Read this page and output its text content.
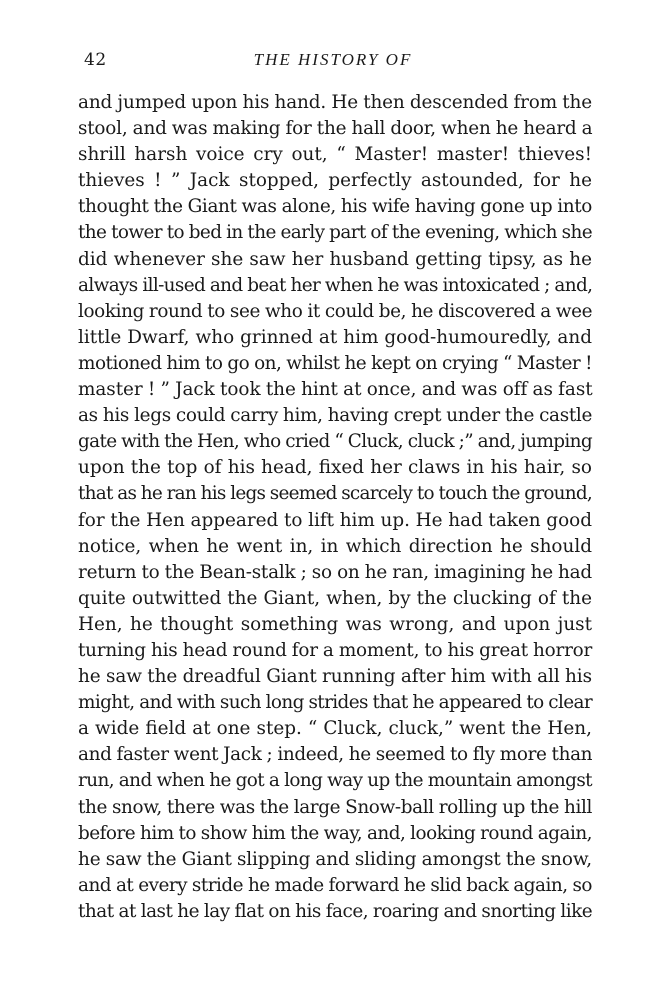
42	THE HISTORY OF
and jumped upon his hand. He then descended from the
stool, and was making for the hall door, when he heard a
shrill harsh voice cry out, “ Master! master! thieves!
thieves ! ” Jack stopped, perfectly astounded, for he
thought the Giant was alone, his wife having gone up into
the tower to bed in the early part of the evening, which she
did whenever she saw her husband getting tipsy, as he
always ill-used and beat her when he was intoxicated ; and,
looking round to see who it could be, he discovered a wee
little Dwarf, who grinned at him good-humouredly, and
motioned him to go on, whilst he kept on crying “ Master !
master ! ” Jack took the hint at once, and was off as fast
as his legs could carry him, having crept under the castle
gate with the Hen, who cried “ Cluck, cluck ;” and, jumping
upon the top of his head, fixed her claws in his hair, so
that as he ran his legs seemed scarcely to touch the ground,
for the Hen appeared to lift him up. He had taken good
notice, when he went in, in which direction he should
return to the Bean-stalk ; so on he ran, imagining he had
quite outwitted the Giant, when, by the clucking of the
Hen, he thought something was wrong, and upon just
turning his head round for a moment, to his great horror
he saw the dreadful Giant running after him with all his
might, and with such long strides that he appeared to clear
a wide field at one step. “ Cluck, cluck,” went the Hen,
and faster went Jack ; indeed, he seemed to fly more than
run, and when he got a long way up the mountain amongst
the snow, there was the large Snow-ball rolling up the hill
before him to show him the way, and, looking round again,
he saw the Giant slipping and sliding amongst the snow,
and at every stride he made forward he slid back again, so
that at last he lay flat on his face, roaring and snorting like
